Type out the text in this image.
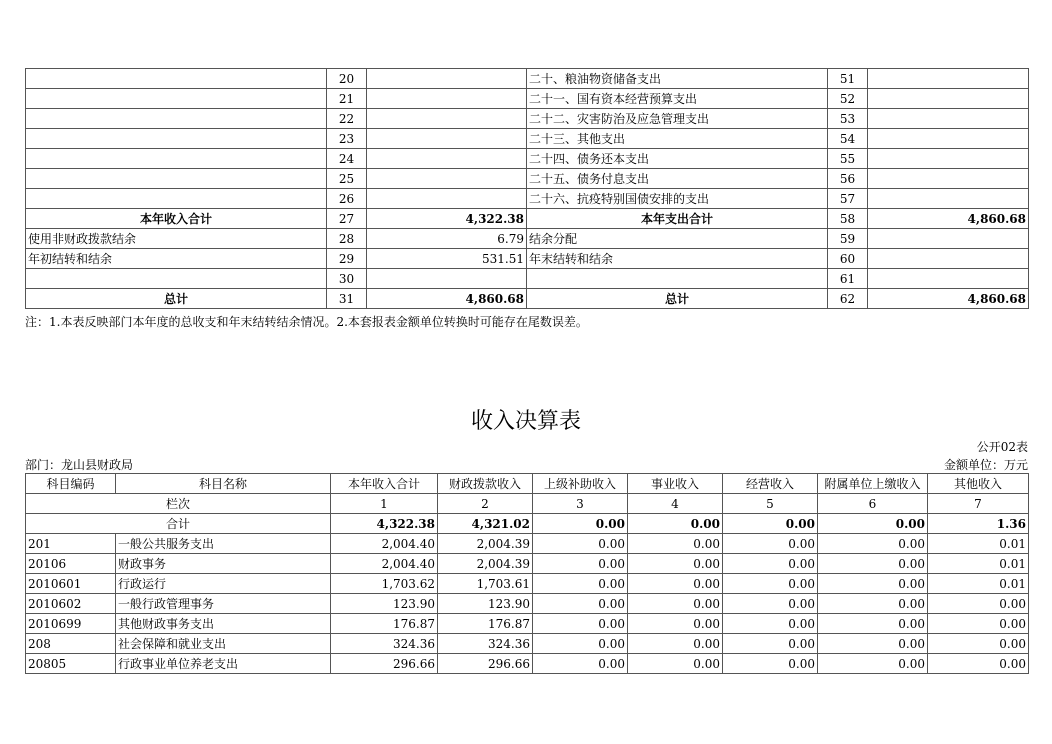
	20		二十、粮油物资储备支出	51	
	21		二十一、国有资本经营预算支出	52	
	22		二十二、灾害防治及应急管理支出	53	
	23		二十三、其他支出	54	
	24		二十四、债务还本支出	55	
	25		二十五、债务付息支出	56	
	26		二十六、抗疫特别国债安排的支出	57	
本年收入合计	27	4,322.38	本年支出合计	58	4,860.68
使用非财政拨款结余	28	6.79	结余分配	59	
年初结转和结余	29	531.51	年末结转和结余	60	
	30			61	
总计	31	4,860.68	总计	62	4,860.68
注：1.本表反映部门本年度的总收支和年末结转结余情况。2.本套报表金额单位转换时可能存在尾数误差。
收入决算表
公开02表
部门：龙山县财政局	金额单位：万元
科目编码	科目名称	本年收入合计	财政拨款收入	上级补助收入	事业收入	经营收入	附属单位上缴收入	其他收入
栏次		1	2	3	4	5	6	7
合计		4,322.38	4,321.02	0.00	0.00	0.00	0.00	1.36
201	一般公共服务支出	2,004.40	2,004.39	0.00	0.00	0.00	0.00	0.01
20106	财政事务	2,004.40	2,004.39	0.00	0.00	0.00	0.00	0.01
2010601	行政运行	1,703.62	1,703.61	0.00	0.00	0.00	0.00	0.01
2010602	一般行政管理事务	123.90	123.90	0.00	0.00	0.00	0.00	0.00
2010699	其他财政事务支出	176.87	176.87	0.00	0.00	0.00	0.00	0.00
208	社会保障和就业支出	324.36	324.36	0.00	0.00	0.00	0.00	0.00
20805	行政事业单位养老支出	296.66	296.66	0.00	0.00	0.00	0.00	0.00
